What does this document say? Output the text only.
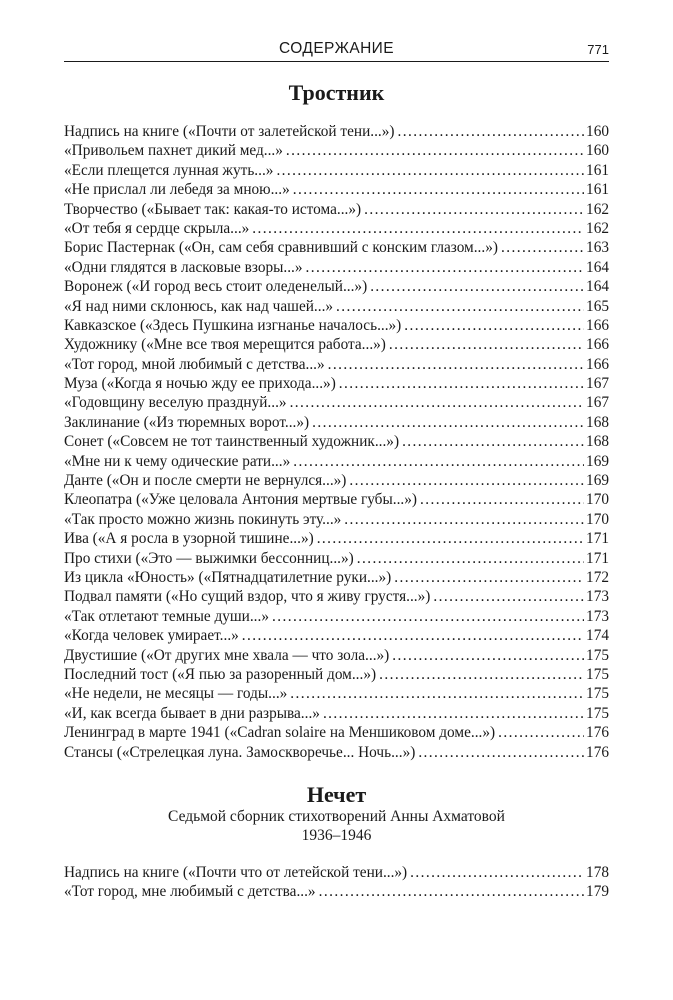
СОДЕРЖАНИЕ	771
Тростник
Надпись на книге («Почти от залетейской тени...») . . .	160
«Привольем пахнет дикий мед...» . . .	160
«Если плещется лунная жуть...» . . .	161
«Не прислал ли лебедя за мною...» . . .	161
Творчество («Бывает так: какая-то истома...») . . .	162
«От тебя я сердце скрыла...» . . .	162
Борис Пастернак («Он, сам себя сравнивший с конским глазом...») . . .	163
«Одни глядятся в ласковые взоры...» . . .	164
Воронеж («И город весь стоит оледенелый...») . . .	164
«Я над ними склонюсь, как над чашей...» . . .	165
Кавказское («Здесь Пушкина изгнанье началось...») . . .	166
Художнику («Мне все твоя мерещится работа...») . . .	166
«Тот город, мной любимый с детства...» . . .	166
Муза («Когда я ночью жду ее прихода...») . . .	167
«Годовщину веселую празднуй...» . . .	167
Заклинание («Из тюремных ворот...») . . .	168
Сонет («Совсем не тот таинственный художник...») . . .	168
«Мне ни к чему одические рати...» . . .	169
Данте («Он и после смерти не вернулся...») . . .	169
Клеопатра («Уже целовала Антония мертвые губы...») . . .	170
«Так просто можно жизнь покинуть эту...» . . .	170
Ива («А я росла в узорной тишине...») . . .	171
Про стихи («Это — выжимки бессонниц...») . . .	171
Из цикла «Юность» («Пятнадцатилетние руки...») . . .	172
Подвал памяти («Но сущий вздор, что я живу грустя...») . . .	173
«Так отлетают темные души...» . . .	173
«Когда человек умирает...» . . .	174
Двустишие («От других мне хвала — что зола...») . . .	175
Последний тост («Я пью за разоренный дом...») . . .	175
«Не недели, не месяцы — годы...» . . .	175
«И, как всегда бывает в дни разрыва...» . . .	175
Ленинград в марте 1941 («Cadran solaire на Меншиковом доме...») . . .	176
Стансы («Стрелецкая луна. Замоскворечье... Ночь...») . . .	176
Нечет
Седьмой сборник стихотворений Анны Ахматовой
1936–1946
Надпись на книге («Почти что от летейской тени...») . . .	178
«Тот город, мне любимый с детства...» . . .	179
